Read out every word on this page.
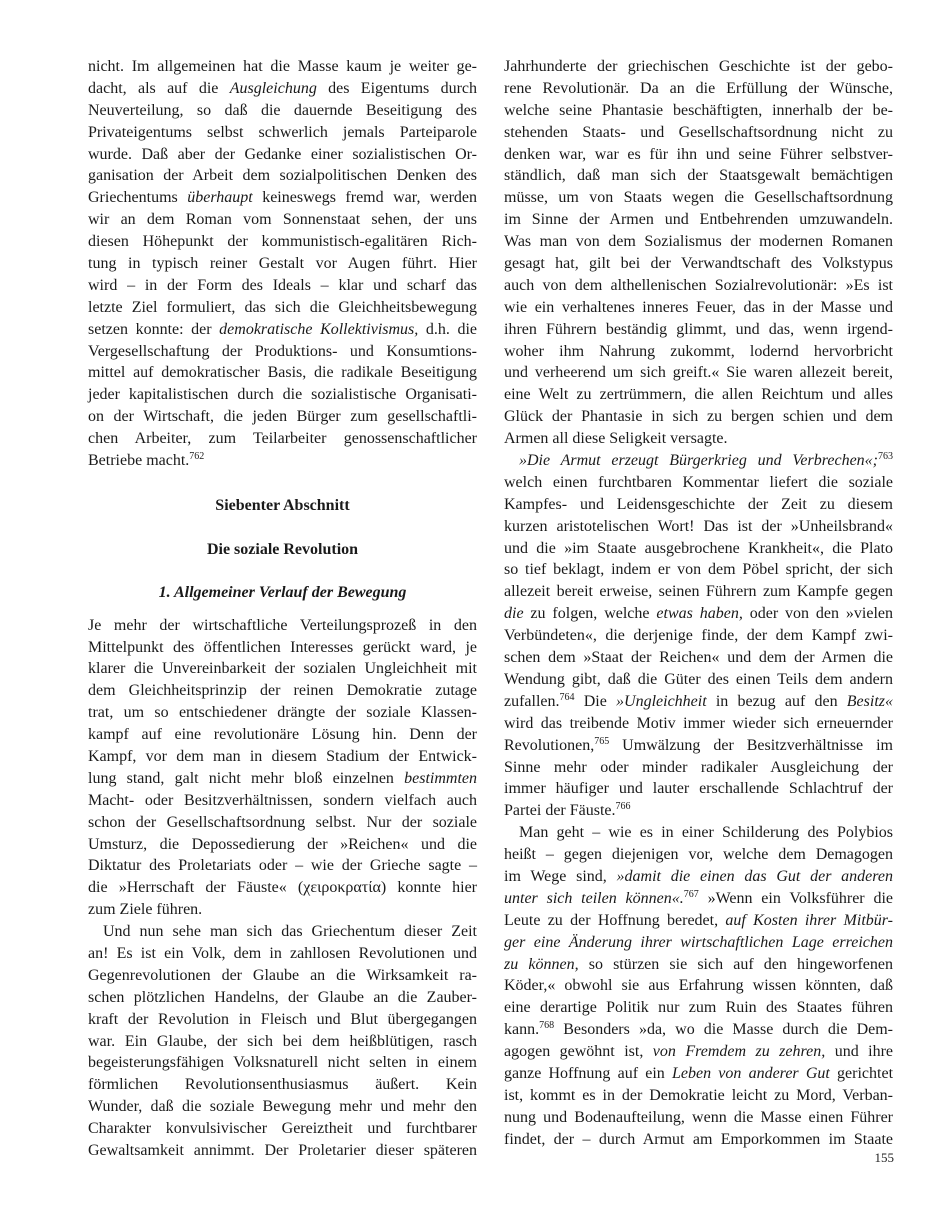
nicht. Im allgemeinen hat die Masse kaum je weiter ge-
dacht, als auf die Ausgleichung des Eigentums durch
Neuverteilung, so daß die dauernde Beseitigung des
Privateigentums selbst schwerlich jemals Parteiparole
wurde. Daß aber der Gedanke einer sozialistischen Or-
ganisation der Arbeit dem sozialpolitischen Denken des
Griechentums überhaupt keineswegs fremd war, werden
wir an dem Roman vom Sonnenstaat sehen, der uns
diesen Höhepunkt der kommunistisch-egalitären Rich-
tung in typisch reiner Gestalt vor Augen führt. Hier
wird – in der Form des Ideals – klar und scharf das
letzte Ziel formuliert, das sich die Gleichheitsbewegung
setzen konnte: der demokratische Kollektivismus, d.h. die
Vergesellschaftung der Produktions- und Konsumtions-
mittel auf demokratischer Basis, die radikale Beseitigung
jeder kapitalistischen durch die sozialistische Organisati-
on der Wirtschaft, die jeden Bürger zum gesellschaftli-
chen Arbeiter, zum Teilarbeiter genossenschaftlicher
Betriebe macht.$^{762}$
Siebenter Abschnitt
Die soziale Revolution
1. Allgemeiner Verlauf der Bewegung
Je mehr der wirtschaftliche Verteilungsprozeß in den
Mittelpunkt des öffentlichen Interesses gerückt ward, je
klarer die Unvereinbarkeit der sozialen Ungleichheit mit
dem Gleichheitsprinzip der reinen Demokratie zutage
trat, um so entschiedener drängte der soziale Klassen-
kampf auf eine revolutionäre Lösung hin. Denn der
Kampf, vor dem man in diesem Stadium der Entwick-
lung stand, galt nicht mehr bloß einzelnen bestimmten
Macht- oder Besitzverhältnissen, sondern vielfach auch
schon der Gesellschaftsordnung selbst. Nur der soziale
Umsturz, die Depossedierung der »Reichen« und die
Diktatur des Proletariats oder – wie der Grieche sagte –
die »Herrschaft der Fäuste« (χειροκρατία) konnte hier
zum Ziele führen.
Und nun sehe man sich das Griechentum dieser Zeit
an! Es ist ein Volk, dem in zahllosen Revolutionen und
Gegenrevolutionen der Glaube an die Wirksamkeit ra-
schen plötzlichen Handelns, der Glaube an die Zauber-
kraft der Revolution in Fleisch und Blut übergegangen
war. Ein Glaube, der sich bei dem heißblütigen, rasch
begeisterungsfähigen Volksnaturell nicht selten in einem
förmlichen Revolutionsenthusiasmus äußert. Kein
Wunder, daß die soziale Bewegung mehr und mehr den
Charakter konvulsivischer Gereiztheit und furchtbarer
Gewaltsamkeit annimmt. Der Proletarier dieser späteren
Jahrhunderte der griechischen Geschichte ist der gebo-
rene Revolutionär. Da an die Erfüllung der Wünsche,
welche seine Phantasie beschäftigten, innerhalb der be-
stehenden Staats- und Gesellschaftsordnung nicht zu
denken war, war es für ihn und seine Führer selbstver-
ständlich, daß man sich der Staatsgewalt bemächtigen
müsse, um von Staats wegen die Gesellschaftsordnung
im Sinne der Armen und Entbehrenden umzuwandeln.
Was man von dem Sozialismus der modernen Romanen
gesagt hat, gilt bei der Verwandtschaft des Volkstypus
auch von dem althellenischen Sozialrevolutionär: »Es ist
wie ein verhaltenes inneres Feuer, das in der Masse und
ihren Führern beständig glimmt, und das, wenn irgend-
woher ihm Nahrung zukommt, lodernd hervorbricht
und verheerend um sich greift.« Sie waren allezeit bereit,
eine Welt zu zertrümmern, die allen Reichtum und alles
Glück der Phantasie in sich zu bergen schien und dem
Armen all diese Seligkeit versagte.
»Die Armut erzeugt Bürgerkrieg und Verbrechen«;$^{763}$
welch einen furchtbaren Kommentar liefert die soziale
Kampfes- und Leidensgeschichte der Zeit zu diesem
kurzen aristotelischen Wort! Das ist der »Unheilsbrand«
und die »im Staate ausgebrochene Krankheit«, die Plato
so tief beklagt, indem er von dem Pöbel spricht, der sich
allezeit bereit erweise, seinen Führern zum Kampfe gegen
die zu folgen, welche etwas haben, oder von den »vielen
Verbündeten«, die derjenige finde, der dem Kampf zwi-
schen dem »Staat der Reichen« und dem der Armen die
Wendung gibt, daß die Güter des einen Teils dem andern
zufallen.$^{764}$ Die »Ungleichheit in bezug auf den Besitz«
wird das treibende Motiv immer wieder sich erneuernder
Revolutionen,$^{765}$ Umwälzung der Besitzverhältnisse im
Sinne mehr oder minder radikaler Ausgleichung der
immer häufiger und lauter erschallende Schlachtruf der
Partei der Fäuste.$^{766}$
Man geht – wie es in einer Schilderung des Polybios
heißt – gegen diejenigen vor, welche dem Demagogen
im Wege sind, »damit die einen das Gut der anderen
unter sich teilen können«.$^{767}$ »Wenn ein Volksführer die
Leute zu der Hoffnung beredet, auf Kosten ihrer Mitbür-
ger eine Änderung ihrer wirtschaftlichen Lage erreichen
zu können, so stürzen sie sich auf den hingeworfenen
Köder,« obwohl sie aus Erfahrung wissen könnten, daß
eine derartige Politik nur zum Ruin des Staates führen
kann.$^{768}$ Besonders »da, wo die Masse durch die Dem-
agogen gewöhnt ist, von Fremdem zu zehren, und ihre
ganze Hoffnung auf ein Leben von anderer Gut gerichtet
ist, kommt es in der Demokratie leicht zu Mord, Verban-
nung und Bodenaufteilung, wenn die Masse einen Führer
findet, der – durch Armut am Emporkommen im Staate
155
